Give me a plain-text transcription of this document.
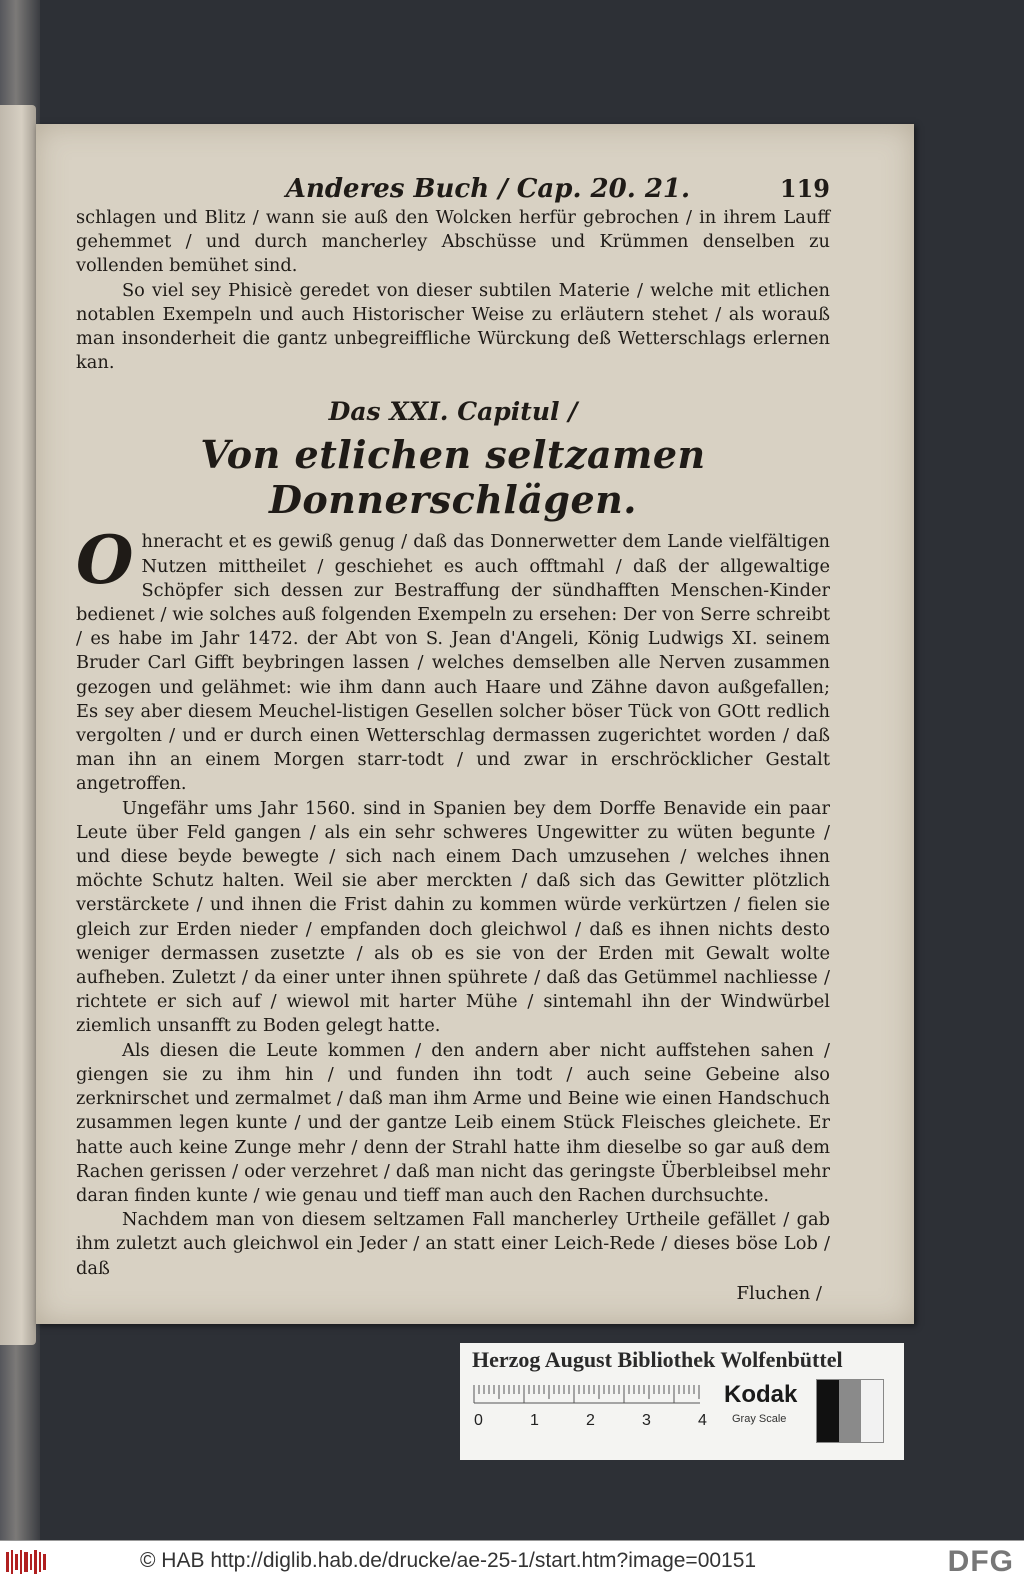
Anderes Buch / Cap. 20. 21.	119

schlagen und Blitz / wann sie auß den Wolcken herfür gebrochen / in ihrem Lauff gehemmet / und durch mancherley Abschüsse und Krümmen denselben zu vollenden bemühet sind.

So viel sey Phisicè geredet von dieser subtilen Materie / welche mit etlichen notablen Exempeln und auch Historischer Weise zu erläutern stehet / als worauß man insonderheit die gantz unbegreiffliche Würckung deß Wetterschlags erlernen kan.

Das XXI. Capitul /
Von etlichen seltzamen Donnerschlägen.

Ohneracht et es gewiß genug / daß das Donnerwetter dem Lande vielfältigen Nutzen mittheilet / geschiehet es auch offtmahl / daß der allgewaltige Schöpfer sich dessen zur Bestraffung der sündhafften Menschen-Kinder bedienet / wie solches auß folgenden Exempeln zu ersehen: Der von Serre schreibt / es habe im Jahr 1472. der Abt von S. Jean d'Angeli, König Ludwigs XI. seinem Bruder Carl Gifft beybringen lassen / welches demselben alle Nerven zusammen gezogen und gelähmet: wie ihm dann auch Haare und Zähne davon außgefallen; Es sey aber diesem Meuchel-listigen Gesellen solcher böser Tück von GOtt redlich vergolten / und er durch einen Wetterschlag dermassen zugerichtet worden / daß man ihn an einem Morgen starr-todt / und zwar in erschröcklicher Gestalt angetroffen.

Ungefähr ums Jahr 1560. sind in Spanien bey dem Dorffe Benavide ein paar Leute über Feld gangen / als ein sehr schweres Ungewitter zu wüten begunte / und diese beyde bewegte / sich nach einem Dach umzusehen / welches ihnen möchte Schutz halten. Weil sie aber merckten / daß sich das Gewitter plötzlich verstärckete / und ihnen die Frist dahin zu kommen würde verkürtzen / fielen sie gleich zur Erden nieder / empfanden doch gleichwol / daß es ihnen nichts desto weniger dermassen zusetzte / als ob es sie von der Erden mit Gewalt wolte aufheben. Zuletzt / da einer unter ihnen spührete / daß das Getümmel nachliesse / richtete er sich auf / wiewol mit harter Mühe / sintemahl ihn der Windwürbel ziemlich unsanfft zu Boden gelegt hatte.

Als diesen die Leute kommen / den andern aber nicht auffstehen sahen / giengen sie zu ihm hin / und funden ihn todt / auch seine Gebeine also zerknirschet und zermalmet / daß man ihm Arme und Beine wie einen Handschuch zusammen legen kunte / und der gantze Leib einem Stück Fleisches gleichete. Er hatte auch keine Zunge mehr / denn der Strahl hatte ihm dieselbe so gar auß dem Rachen gerissen / oder verzehret / daß man nicht das geringste Überbleibsel mehr daran finden kunte / wie genau und tieff man auch den Rachen durchsuchte.

Nachdem man von diesem seltzamen Fall mancherley Urtheile gefället / gab ihm zuletzt auch gleichwol ein Jeder / an statt einer Leich-Rede / dieses böse Lob / daß

Fluchen /
Herzog August Bibliothek Wolfenbüttel
0	1	2	3	4
Kodak
Gray Scale
© HAB http://diglib.hab.de/drucke/ae-25-1/start.htm?image=00151	DFG
